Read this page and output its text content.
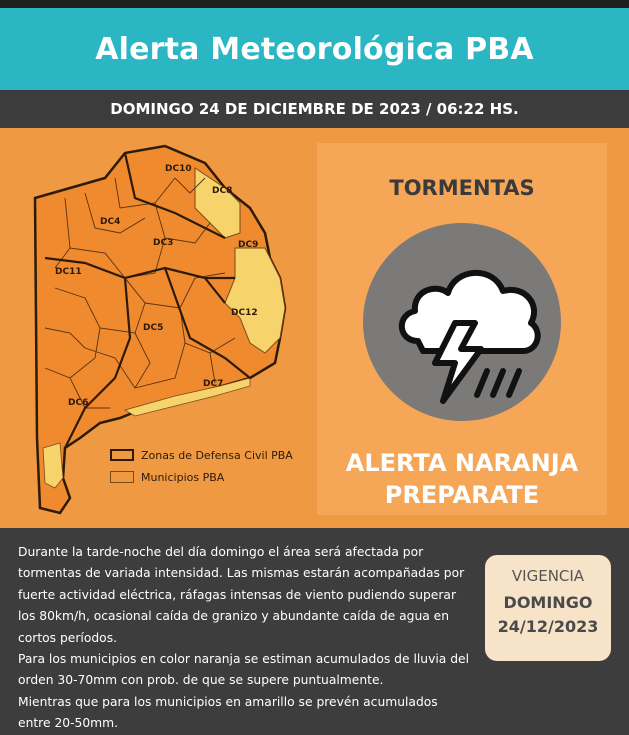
Alerta Meteorológica PBA
DOMINGO 24 DE DICIEMBRE DE 2023 / 06:22 HS.
DC10
DC8
DC4
DC3	DC9
DC11
DC12
DC5
DC7
DC6
Zonas de Defensa Civil PBA
Municipios PBA
TORMENTAS
ALERTA NARANJA
PREPARATE

Durante la tarde-noche del día domingo el área será afectada por tormentas de variada intensidad. Las mismas estarán acompañadas por fuerte actividad eléctrica, ráfagas intensas de viento pudiendo superar los 80km/h, ocasional caída de granizo y abundante caída de agua en cortos períodos.

Para los municipios en color naranja se estiman acumulados de lluvia del orden 30-70mm con prob. de que se supere puntualmente.

Mientras que para los municipios en amarillo se prevén acumulados entre 20-50mm.

VIGENCIA
DOMINGO
24/12/2023
